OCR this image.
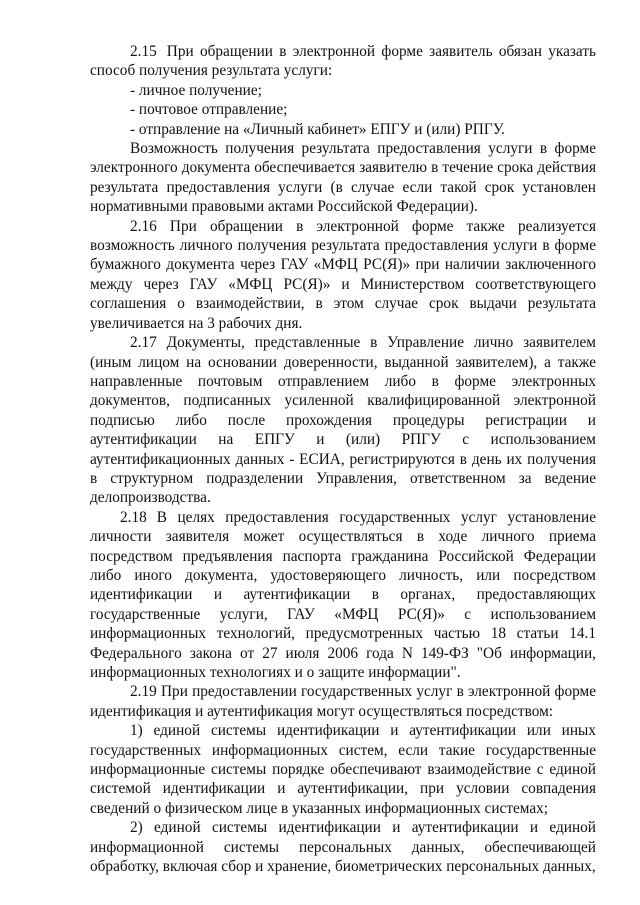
2.15 При обращении в электронной форме заявитель обязан указать способ получения результата услуги:

- личное получение;

- почтовое отправление;

- отправление на «Личный кабинет» ЕПГУ и (или) РПГУ.

Возможность получения результата предоставления услуги в форме электронного документа обеспечивается заявителю в течение срока действия результата предоставления услуги (в случае если такой срок установлен нормативными правовыми актами Российской Федерации).

2.16 При обращении в электронной форме также реализуется возможность личного получения результата предоставления услуги в форме бумажного документа через ГАУ «МФЦ РС(Я)» при наличии заключенного между через ГАУ «МФЦ РС(Я)» и Министерством соответствующего соглашения о взаимодействии, в этом случае срок выдачи результата увеличивается на 3 рабочих дня.

2.17 Документы, представленные в Управление лично заявителем (иным лицом на основании доверенности, выданной заявителем), а также направленные почтовым отправлением либо в форме электронных документов, подписанных усиленной квалифицированной электронной подписью либо после прохождения процедуры регистрации и аутентификации на ЕПГУ и (или) РПГУ с использованием аутентификационных данных - ЕСИА, регистрируются в день их получения в структурном подразделении Управления, ответственном за ведение делопроизводства.

2.18 В целях предоставления государственных услуг установление личности заявителя может осуществляться в ходе личного приема посредством предъявления паспорта гражданина Российской Федерации либо иного документа, удостоверяющего личность, или посредством идентификации и аутентификации в органах, предоставляющих государственные услуги, ГАУ «МФЦ РС(Я)» с использованием информационных технологий, предусмотренных частью 18 статьи 14.1 Федерального закона от 27 июля 2006 года N 149-ФЗ "Об информации, информационных технологиях и о защите информации".

2.19 При предоставлении государственных услуг в электронной форме идентификация и аутентификация могут осуществляться посредством:

1) единой системы идентификации и аутентификации или иных государственных информационных систем, если такие государственные информационные системы порядке обеспечивают взаимодействие с единой системой идентификации и аутентификации, при условии совпадения сведений о физическом лице в указанных информационных системах;

2) единой системы идентификации и аутентификации и единой информационной системы персональных данных, обеспечивающей обработку, включая сбор и хранение, биометрических персональных данных,
